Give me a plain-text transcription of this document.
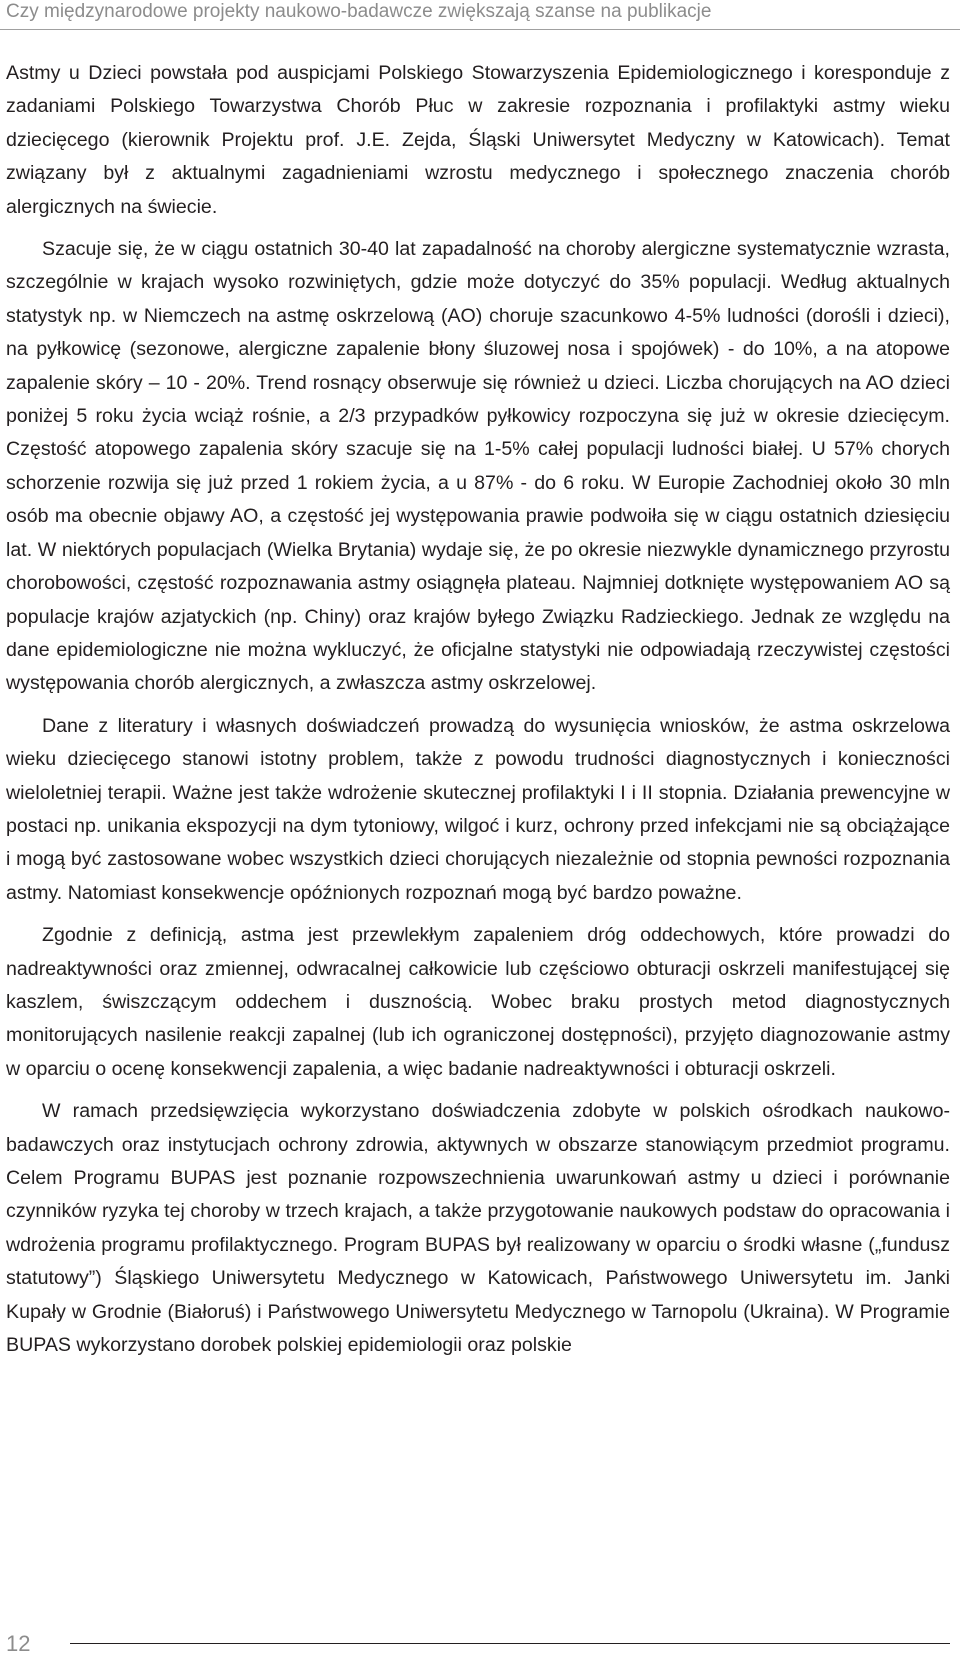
Czy międzynarodowe projekty naukowo-badawcze zwiększają szanse na publikacje

Astmy u Dzieci powstała pod auspicjami Polskiego Stowarzyszenia Epidemiologicznego i koresponduje z zadaniami Polskiego Towarzystwa Chorób Płuc w zakresie rozpoznania i profilaktyki astmy wieku dziecięcego (kierownik Projektu prof. J.E. Zejda, Śląski Uniwersytet Medyczny w Katowicach). Temat związany był z aktualnymi zagadnieniami wzrostu medycznego i społecznego znaczenia chorób alergicznych na świecie.

Szacuje się, że w ciągu ostatnich 30-40 lat zapadalność na choroby alergiczne systematycznie wzrasta, szczególnie w krajach wysoko rozwiniętych, gdzie może dotyczyć do 35% populacji. Według aktualnych statystyk np. w Niemczech na astmę oskrzelową (AO) choruje szacunkowo 4-5% ludności (dorośli i dzieci), na pyłkowicę (sezonowe, alergiczne zapalenie błony śluzowej nosa i spojówek) - do 10%, a na atopowe zapalenie skóry – 10 - 20%. Trend rosnący obserwuje się również u dzieci. Liczba chorujących na AO dzieci poniżej 5 roku życia wciąż rośnie, a 2/3 przypadków pyłkowicy rozpoczyna się już w okresie dziecięcym. Częstość atopowego zapalenia skóry szacuje się na 1-5% całej populacji ludności białej. U 57% chorych schorzenie rozwija się już przed 1 rokiem życia, a u 87% - do 6 roku. W Europie Zachodniej około 30 mln osób ma obecnie objawy AO, a częstość jej występowania prawie podwoiła się w ciągu ostatnich dziesięciu lat. W niektórych populacjach (Wielka Brytania) wydaje się, że po okresie niezwykle dynamicznego przyrostu chorobowości, częstość rozpoznawania astmy osiągnęła plateau. Najmniej dotknięte występowaniem AO są populacje krajów azjatyckich (np. Chiny) oraz krajów byłego Związku Radzieckiego. Jednak ze względu na dane epidemiologiczne nie można wykluczyć, że oficjalne statystyki nie odpowiadają rzeczywistej częstości występowania chorób alergicznych, a zwłaszcza astmy oskrzelowej.

Dane z literatury i własnych doświadczeń prowadzą do wysunięcia wniosków, że astma oskrzelowa wieku dziecięcego stanowi istotny problem, także z powodu trudności diagnostycznych i konieczności wieloletniej terapii. Ważne jest także wdrożenie skutecznej profilaktyki I i II stopnia. Działania prewencyjne w postaci np. unikania ekspozycji na dym tytoniowy, wilgoć i kurz, ochrony przed infekcjami nie są obciążające i mogą być zastosowane wobec wszystkich dzieci chorujących niezależnie od stopnia pewności rozpoznania astmy. Natomiast konsekwencje opóźnionych rozpoznań mogą być bardzo poważne.

Zgodnie z definicją, astma jest przewlekłym zapaleniem dróg oddechowych, które prowadzi do nadreaktywności oraz zmiennej, odwracalnej całkowicie lub częściowo obturacji oskrzeli manifestującej się kaszlem, świszczącym oddechem i dusznością. Wobec braku prostych metod diagnostycznych monitorujących nasilenie reakcji zapalnej (lub ich ograniczonej dostępności), przyjęto diagnozowanie astmy w oparciu o ocenę konsekwencji zapalenia, a więc badanie nadreaktywności i obturacji oskrzeli.

W ramach przedsięwzięcia wykorzystano doświadczenia zdobyte w polskich ośrodkach naukowo-badawczych oraz instytucjach ochrony zdrowia, aktywnych w obszarze stanowiącym przedmiot programu. Celem Programu BUPAS jest poznanie rozpowszechnienia uwarunkowań astmy u dzieci i porównanie czynników ryzyka tej choroby w trzech krajach, a także przygotowanie naukowych podstaw do opracowania i wdrożenia programu profilaktycznego. Program BUPAS był realizowany w oparciu o środki własne („fundusz statutowy”) Śląskiego Uniwersytetu Medycznego w Katowicach, Państwowego Uniwersytetu im. Janki Kupały w Grodnie (Białoruś) i Państwowego Uniwersytetu Medycznego w Tarnopolu (Ukraina). W Programie BUPAS wykorzystano dorobek polskiej epidemiologii oraz polskie

12
